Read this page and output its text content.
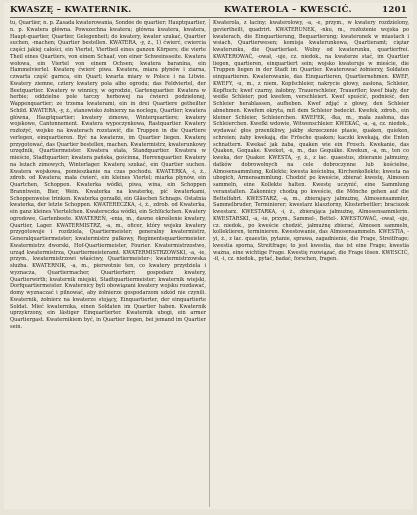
KWASZĘ – KWATERNIK.	KWATEROLA – KWESCIĆ.	1201

tu, Quartier, n. p. Zasada kwaterowania, Sondée de quartier; Hauptquartier, n. p. Kwatera główna. Powszechna kwatera; główna kwatera, kwatera, Haupt-quartier, Quartier, Gelegenheit; do kwatery, kwater szukać, Quartier suchen, -machen; Quartier bestellen. KWATERA, -y, ż., 1) ćwierć, cwiercia części jakiej całości, ein Viertel, Viertheil eines ganzen Körpers; die vierte Theil eines Quartiers, von einem Schaaf, von einer Schweinsseite. Kwatera wołowa, ein Viertel von einem Ochsen; kwatera baranina, ein Hammelviertel. Kwaterę ćwierć piwa. Kwatera, miara płynów i ziarna, czwarta część garnca, ein Quart; kwarta miary w Polsce i na Litwie. Kwatery ziemne, cztery kwatery pola albo ogrodu; das Feldviertel, der Beetquartier. Kwatery w winnicy, w ogrodzie, Gartenquartier. Kwatera w herbie; oddzielne pole tarczy herbowej na ćwierci podzielonej, Wappenquartier; ze trzema kwaterami, ein in drei Quartiere getheilter Schild. KWATERA, -y, ż., stanowisko żołnierzy na noclegu, Quartier; kwatera główna, Hauptquartier; kwatery zimowe, Winterquartiere; kwatery wojskowe, Cantonnement. Kwatera wypoczynkowa, Rastquartier. Kwatery rozłożyć, wojsko na kwaterach rozstawić, die Truppen in die Quartiere verlegen, einquartieren. Być na kwaterze, im Quartier liegen. Kwaterę przygotować, das Quartier bestellen, machen. Kwatermistrz, kwaterunkowy urzędnik, Quartiermeister. Kwatera stała, Standquartier. Kwatera w mieście, Stadtquartier; kwatera pańska, gościnna, Herrenquartier. Kwatery na leżach zimowych, Winterlager. Kwaterę szukać, ein Quartier suchen. Kwatera wojskowa, pomieszkanie na czas pochodu. KWATERKA, -i, ż., zdrob. od Kwatera; mała ćwierć, ein kleines Viertel; miarka płynów, ein Quartchen, Schoppen. Kwaterka wódki, piwa, wina, ein Schoppen Branntwein, Bier, Wein. Kwaterka na kwaterkę, pić kwaterkami, Schoppenweise trinken. Kwaterka gorzałki, ein Gläschen Schnaps. Ostatnia kwaterka, der letzte Schoppen. KWATERECZKA, -i, ż., zdrob. od Kwaterka, ein ganz kleines Viertelchen. Kwatereczka wódki, ein Schlückchen. Kwatery ogrodowe, Gartenbeete. KWATEREŃ, -enia, m., dawne określenie kwatery, Quartier, Lager. KWATERMISTRZ, -a, m., oficer, który wojsku kwatery przygotowuje i rozdziela, Quartiermeister; generalny kwatermistrz, Generalquartiermeister; kwatermistrz pułkowy, Regimentsquartiermeister. Kwatermistrz dworski, Hof-Quartiermeister, Fourier. Kwatermistrzostwo, urząd kwatermistrza, Quartiermeisteramt. KWATERMISTRZOWSKI, -a, -ie, przym., kwatermistrzowi właściwy, Quartiermeister-; kwatermistrzowska służba. KWATERNIK, -a, m., pierwotnie ten, co kwatery przydziela i wyznacza, Quartiermacher, Quartierherr; gospodarz kwatery, Quartierwirth; kwaternik miejski, Stadtquartiermeister; kwaternik wiejski, Dorfquartiermeister. Kwaternicy byli obowiązani kwatery wojsku rozdawać, domy wyznaczać i pilnować, aby żołnierze gospodarzom szkód nie czynili. Kwaternik, żołnierz na kwaterze stojący, Einquartierter, der einquartierte Soldat. Mieć kwaternika, einen Soldaten im Quartier haben. Kwaternik uprzykrzony, ein lästiger Einquartierter. Kwaternik ubogi, ein armer Quartiergast. Kwaternikiem być, in Quartier liegen, bei jemand im Quartier sein.

Kwaterola, z łaciny; kwaterolowy, -a, -e, przym., w kwatery rozdzielony, geviertheilt, quadrirt. KWATERUNEK, -nku, m., rozłożenie wojska po kwaterach, die Einquartierung, Bequartierung; kwaterunek w miastach i wsiach, Quartierwesen; komisja kwaterunkowa, Quartieramt; ciężar kwaterunku, die Quartierlast. Wolny od kwaterunku, quartierfrei. KWATEROWAĆ, -ował, -uje, cz. niedok., na kwaterze stać, im Quartier liegen, quartieren, einquartiert sein; wojsko kwateruje w mieście, die Truppen liegen in der Stadt im Quartier. Kwaterować żołnierzy, Soldaten einquartieren. Kwaterowanie, das Einquartieren, Quartiernehmen. KWEF, KWEFY, -u, m., z niem. Kopfschleier, nakrycie głowy, zasłona, Schleier, Kopftuch; kwef czarny, żałobny, Trauerschleier, Trauerflor; kwef biały, der weiße Schleier; pod kwefem, verschleiert. Kwef spuścić, podnieść, den Schleier herablassen, aufheben. Kwef zdjąć z głowy, den Schleier abnehmen. Kwefem okryta, mit dem Schleier bedeckt. Kwefek, zdrob., ein kleiner Schleier, Schleierchen. KWEFEK, -fka, m., mała zasłona, das Schleierchen. Kwefki wdowie, Witwenschleier. KWEKAĆ, -a, -ą, cz. niedok., wydawać głos przenikliwy, jakby skrzeczenie ptasie, quaken, quieken, schreien; żaby kwekają, die Frösche quaken; kaczki kwekają, die Enten schnattern. Kwekać jak żaba, quaken wie ein Frosch. Kwekanie, das Quaken, Gequake. Kwekot, -u, m., das Gequäke. Kwekun, -a, m., ten co kweka, der Quaker. KWESTA, -y, ż., z łac. quaestus, zbieranie jałmużny, datków dobrowolnych na cele dobroczynne lub kościelne, Almosensammlung, Kollekte; kwesta kościelna, Kirchenkollekte; kwesta na ubogich, Armensammlung. Chodzić po kweście, zbierać kwestę, Almosen sammeln, eine Kollekte halten. Kwestę uczynić, eine Sammlung veranstalten. Zakonnicy chodzą po kweście, die Mönche gehen auf die Bettelfahrt. KWESTARZ, -a, m., zbierający jałmużnę, Almosensammler, Sammelbruder, Terminierer; kwestarz klasztorny, Klosterbettler; braciszek kwestarz. KWESTARKA, -i, ż., zbierająca jałmużnę, Almosensammlerin. KWESTARSKI, -a, -ie, przym., Sammel-, Bettel-. KWESTOWAĆ, -ował, -uje, cz. niedok., po kweście chodzić, jałmużnę zbierać, Almosen sammeln, kollektieren, terminieren. Kwestowanie, das Almosensammeln. KWESTIA, -yi, ż., z łac. quaestio, pytanie, sprawa, zagadnienie, die Frage, Streitfrage; kwestia sporna, Streitfrage; to jest kwestia, das ist eine Frage; kwestia ważna, eine wichtige Frage. Kwestię rozwiązać, die Frage lösen. KWESCIĆ, -ił, -i, cz. niedok., pytać, badać, forschen, fragen.
